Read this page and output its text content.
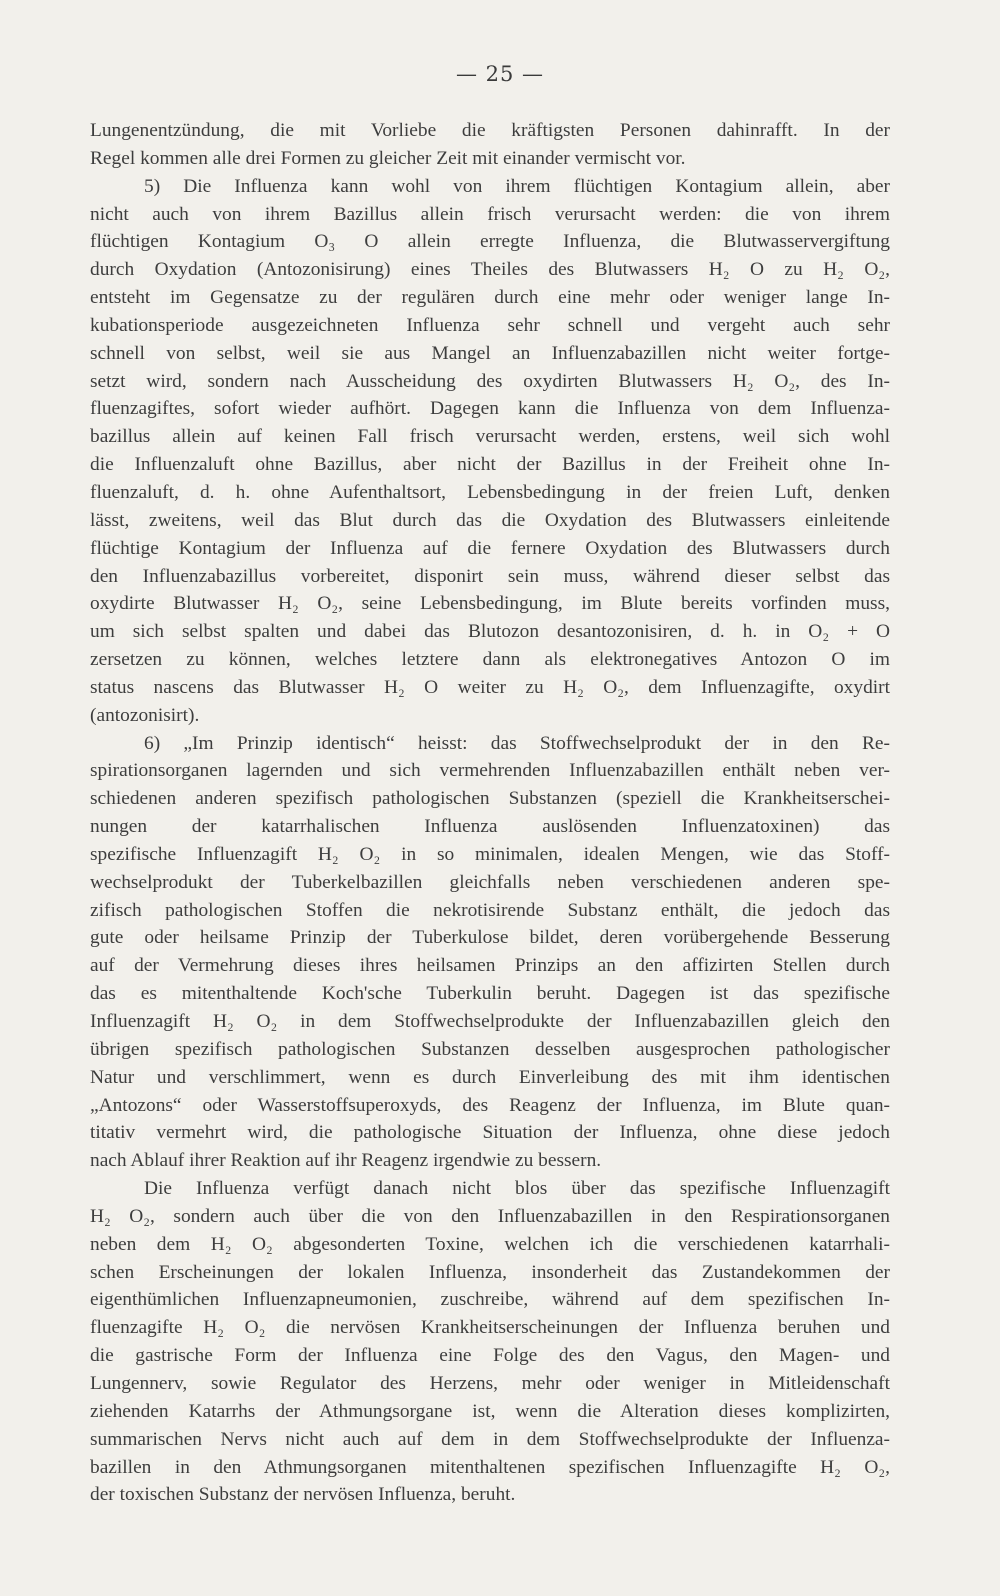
— 25 —
Lungenentzündung, die mit Vorliebe die kräftigsten Personen dahinrafft. In der
Regel kommen alle drei Formen zu gleicher Zeit mit einander vermischt vor.
5) Die Influenza kann wohl von ihrem flüchtigen Kontagium allein, aber
nicht auch von ihrem Bazillus allein frisch verursacht werden: die von ihrem
flüchtigen Kontagium O₃ O allein erregte Influenza, die Blutwasservergiftung
durch Oxydation (Antozonisirung) eines Theiles des Blutwassers H₂ O zu H₂ O₂,
entsteht im Gegensatze zu der regulären durch eine mehr oder weniger lange In-
kubationsperiode ausgezeichneten Influenza sehr schnell und vergeht auch sehr
schnell von selbst, weil sie aus Mangel an Influenzabazillen nicht weiter fortge-
setzt wird, sondern nach Ausscheidung des oxydirten Blutwassers H₂ O₂, des In-
fluenzagiftes, sofort wieder aufhört. Dagegen kann die Influenza von dem Influenza-
bazillus allein auf keinen Fall frisch verursacht werden, erstens, weil sich wohl
die Influenzaluft ohne Bazillus, aber nicht der Bazillus in der Freiheit ohne In-
fluenzaluft, d. h. ohne Aufenthaltsort, Lebensbedingung in der freien Luft, denken
lässt, zweitens, weil das Blut durch das die Oxydation des Blutwassers einleitende
flüchtige Kontagium der Influenza auf die fernere Oxydation des Blutwassers durch
den Influenzabazillus vorbereitet, disponirt sein muss, während dieser selbst das
oxydirte Blutwasser H₂ O₂, seine Lebensbedingung, im Blute bereits vorfinden muss,
um sich selbst spalten und dabei das Blutozon desantozonisiren, d. h. in O₂ + O
zersetzen zu können, welches letztere dann als elektronegatives Antozon O im
status nascens das Blutwasser H₂ O weiter zu H₂ O₂, dem Influenzagifte, oxydirt
(antozonisirt).
6) „Im Prinzip identisch“ heisst: das Stoffwechselprodukt der in den Re-
spirationsorganen lagernden und sich vermehrenden Influenzabazillen enthält neben ver-
schiedenen anderen spezifisch pathologischen Substanzen (speziell die Krankheitserschei-
nungen der katarrhalischen Influenza auslösenden Influenzatoxinen) das
spezifische Influenzagift H₂ O₂ in so minimalen, idealen Mengen, wie das Stoff-
wechselprodukt der Tuberkelbazillen gleichfalls neben verschiedenen anderen spe-
zifisch pathologischen Stoffen die nekrotisirende Substanz enthält, die jedoch das
gute oder heilsame Prinzip der Tuberkulose bildet, deren vorübergehende Besserung
auf der Vermehrung dieses ihres heilsamen Prinzips an den affizirten Stellen durch
das es mitenthaltende Koch'sche Tuberkulin beruht. Dagegen ist das spezifische
Influenzagift H₂ O₂ in dem Stoffwechselprodukte der Influenzabazillen gleich den
übrigen spezifisch pathologischen Substanzen desselben ausgesprochen pathologischer
Natur und verschlimmert, wenn es durch Einverleibung des mit ihm identischen
„Antozons“ oder Wasserstoffsuperoxyds, des Reagenz der Influenza, im Blute quan-
titativ vermehrt wird, die pathologische Situation der Influenza, ohne diese jedoch
nach Ablauf ihrer Reaktion auf ihr Reagenz irgendwie zu bessern.
Die Influenza verfügt danach nicht blos über das spezifische Influenzagift
H₂ O₂, sondern auch über die von den Influenzabazillen in den Respirationsorganen
neben dem H₂ O₂ abgesonderten Toxine, welchen ich die verschiedenen katarrhali-
schen Erscheinungen der lokalen Influenza, insonderheit das Zustandekommen der
eigenthümlichen Influenzapneumonien, zuschreibe, während auf dem spezifischen In-
fluenzagifte H₂ O₂ die nervösen Krankheitserscheinungen der Influenza beruhen und
die gastrische Form der Influenza eine Folge des den Vagus, den Magen- und
Lungennerv, sowie Regulator des Herzens, mehr oder weniger in Mitleidenschaft
ziehenden Katarrhs der Athmungsorgane ist, wenn die Alteration dieses komplizirten,
summarischen Nervs nicht auch auf dem in dem Stoffwechselprodukte der Influenza-
bazillen in den Athmungsorganen mitenthaltenen spezifischen Influenzagifte H₂ O₂,
der toxischen Substanz der nervösen Influenza, beruht.
